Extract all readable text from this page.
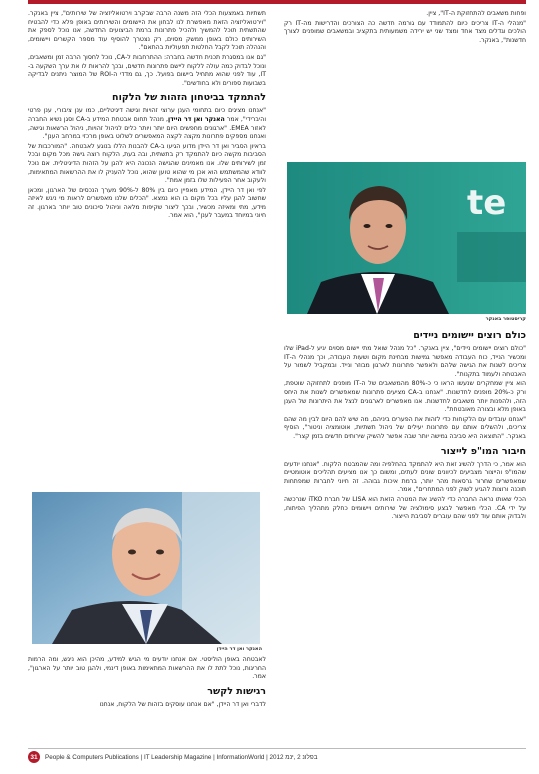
תשתיות באמצעות הכלי הזה משנה הרבה שבקרב וירטואליזציה של שירותים", ציין באנקר. "וירטואליזציה הזאת מאפשרת לנו לבחון את היישומים והשירותים באופן פלא כדי להבטיח שהתשתית תוכל להמשיך ולהכיל פתרונות ברמת הביצועים החדשה, אנו נוכל לספק את השירותים כולם באופן ממשק מסוים, רק נצטרך להוסיף עוד מספר הקשרים ויישומים, והנהלה תוכל לקבל החלטות תפעוליות בהתאם".

"גם אנו במסגרת תכנית חדשה בחברה: ההתרחבות ל-CA, נוכל לחסוך הרבה זמן ומשאבים, ונוכל לבדוק כמה עולה ללקוח ליישם פתרונות חדשים, ובכך להראות לו את ערך השקעה ב-IT, עוד לפני שהוא מתחיל ביישום בפועל. כך, גם מדדי ה-ROI של המוצר ניתנים לבדיקה בשבועות ספורים ולא בחודשים".

להתמקד בביטחון הזהות של הלקוח

"אנחנו מציגים כיום בתחומי הענן ערוצי זהויות וגישה דיגיטליים, כמו ענן ציבורי, ענן פרטי והיברידי", אמר האנקר ואן דר היידן, מנהל תחום אבטחת המידע ב-CA וסגן נשיא החברה לאזור EMEA. "ארגונים מחפשים היום יותר ויותר כלים לניהול זהויות, ניהול הרשאות וגישה, ואנחנו מספקים פתרונות מקצה לקצה המאפשרים לשלוט באופן מרכזי במרחב הענן".

בראיון הסביר ואן דר היידן מדוע הגיעו ב-CA להבנות הללו בנוגע לאבטחה. "המורכבות של הסביבות מקשה כיום להתמקד רק בתשתית, ובה בעת, הלקוח רוצה גישה מכל מקום ובכל זמן לשירותים שלו. אנו מאמינים שהגישה הנכונה היא להגן על הזהות הדיגיטלית. אם נוכל לוודא שהמשתמש הוא אכן מי שהוא טוען שהוא, נוכל להעניק לו את ההרשאות המתאימות, ולעקוב אחר הפעילות שלו בזמן אמת".

לפי ואן דר היידן, המידע מאפיין כיום בין 80% ל-90% מערך הנכסים של הארגון, ומכאן שחשוב להגן עליו בכל מקום בו הוא נמצא. "הכלים שלנו מאפשרים לראות מי ניגש לאיזה מידע, מתי ומאיזה מכשיר, ובכך ליצור שקיפות מלאה וניהול סיכונים טוב יותר בארגון. זה חיוני במיוחד במעבר לענן", הוא אמר.

האנקר ואן דר היידן

לאבטחה באופן הוליסטי. אם אנחנו יודעים מי הגיש למידע, מהיכן הוא ניגש, ומה הרמות החריגות, נוכל לתת לו את ההרשאות המתאימות באופן דינמי, ולהגן טוב יותר על הארגון", אמר.

רגישות לקשר

לדברי ואן דר היידן, "אם אנחנו עוסקים בזהות של הלקוח, אנחנו

ופחות משאבים להתחזוקת ה-IT", ציין.

"מנהלי ה-IT צריכים כיום להתמודד עם גורמה חדשה כה הצורכים והדרישות מה-IT רק הולכים וגדלים מצד אחד ומצד שני יש ירידה משמעותית בתקציב ובמשאבים שמופנים לצורך חדשנות", באנקר.

te
קריסטופר באנקר
כולם רוצים יישומים ניידים

"כולם רוצים יישומים ניידים", ציין באנקר. "כל מנהל שואל מתי יישום מסוים יגיע ל-iPad שלו ומכשיר הנייד, כוח העבודה מאפשר גמישות מבחינת מקום ושעות העבודה, וכך מנהלי ה-IT צריכים לשנות את הגישה שלהם ולאפשר פתרונות לארגון מבוזר ונייד. ובמקביל לשמור על האבטחה ולעמוד בתקנות".

הוא ציין שמחקרים שנעשו הראו כי כ-80% מהמשאבים של ה-IT מופנים לתחזוקה שוטפת, ורק כ-20% מופנים לחדשנות. "אנחנו ב-CA מציעים פתרונות שמאפשרים לשנות את היחס הזה, ולהפנות יותר משאבים לחדשנות. אנו מאפשרים לארגונים לנצל את היתרונות של הענן באופן מלא ובצורה מאובטחת".

"אנחנו עובדים עם הלקוחות כדי לזהות את הפערים ביניהם, מה שיש להם היום לבין מה שהם צריכים, ולהשלים אותם עם פתרונות יעילים של ניהול תשתיות, אוטומציה וניטור", הוסיף באנקר. "התוצאה היא סביבה גמישה יותר שבה אפשר להשיק שירותים חדשים בזמן קצר".

חיבור המו"פ לייצור

הוא אמר, כי הדרך להשיג זאת היא להתמקד בהחלפיה ומה שהמבטח הלקוח. "אנחנו יודעים שהמו"פ והייצור מצביעים לכיוונים שונים לעתים, ומשום כך אנו מציעים תהליכים אוטומטיים שמאפשרים שחרור גרסאות מהר יותר, ברמת איכות גבוהה. זה חיוני לחברות שמפתחות תוכנה ורוצות להגיע לשוק לפני המתחרים", אמר.

הכלי שאותו נראה החברה כדי להשיג את המטרה הזאת הוא LISA של חברת iTKO שנרכשה על ידי CA. הכלי מאפשר לבצע סימולציה של שירותים ויישומים כחלק מתהליך הפיתוח, ולבדוק אותם עוד לפני שהם עוברים לסביבת הייצור.

31	People & Computers Publications | IT Leadership Magazine | InformationWorld | 2012 בפלונ 2 ,ינמ
